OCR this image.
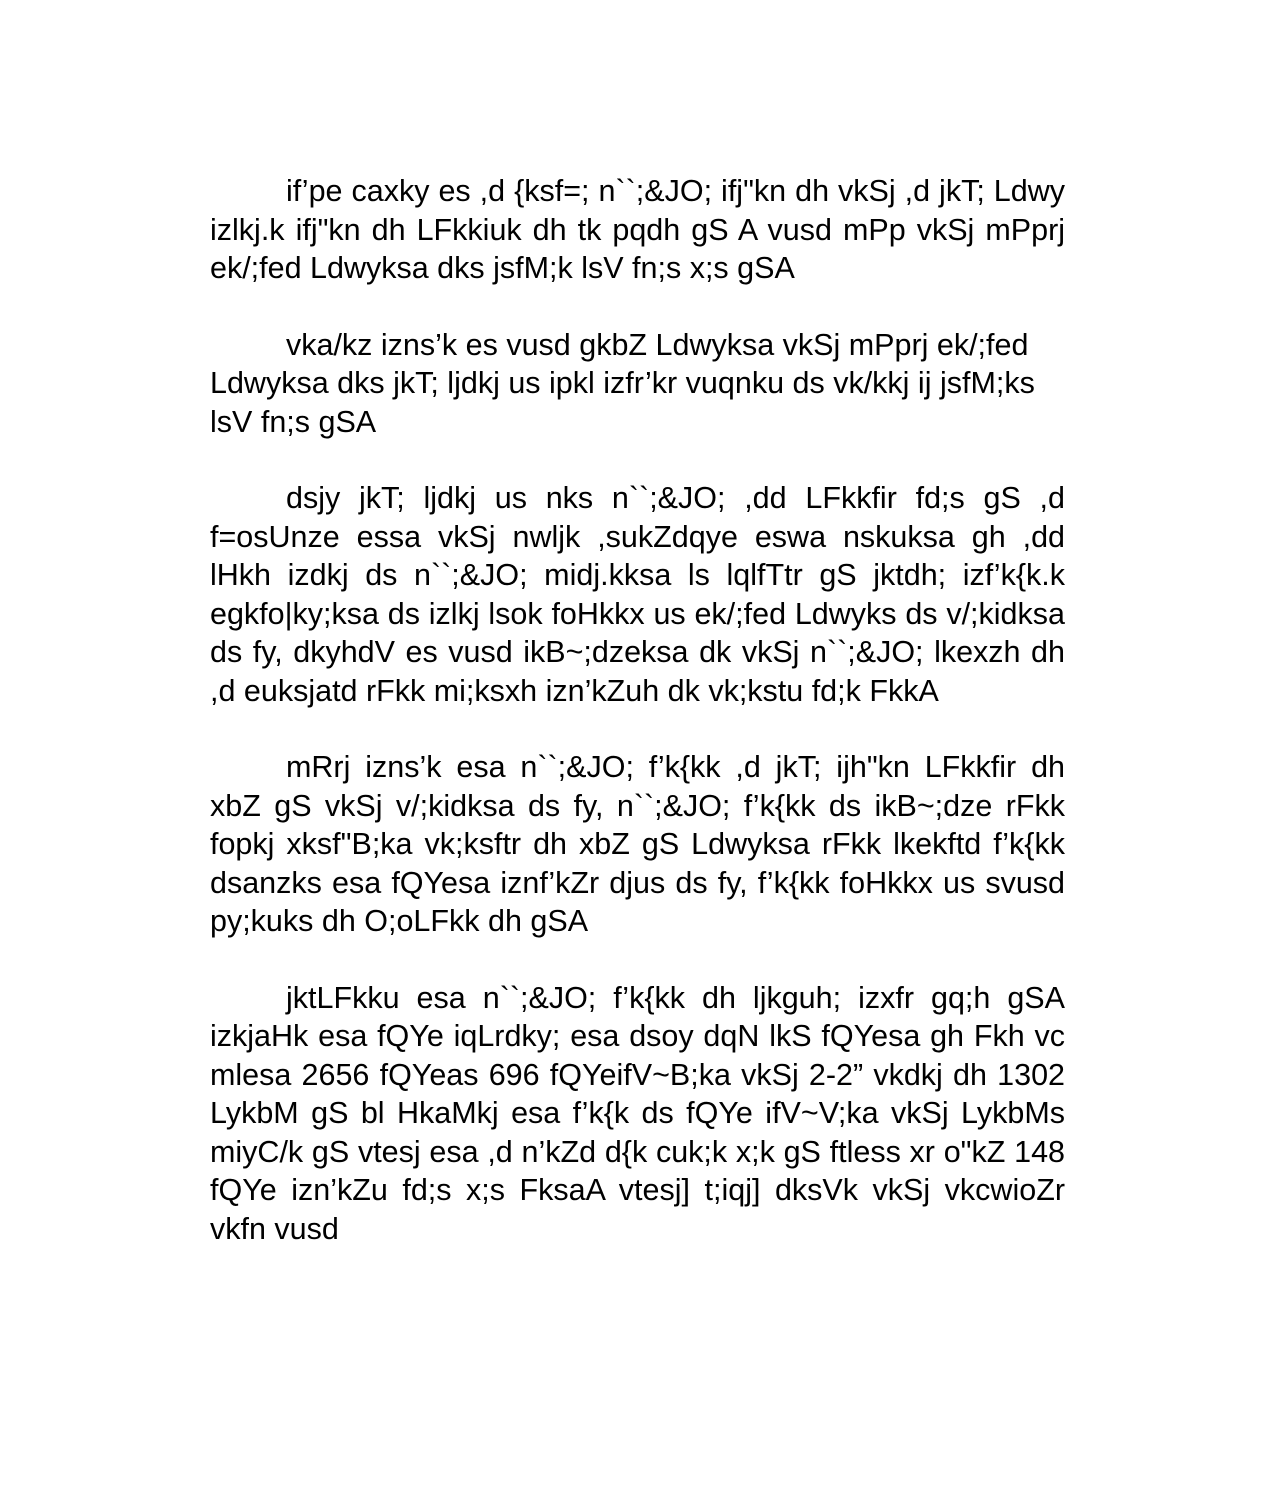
if’pe caxky es ,d {ksf=; n``;&JO; ifj"kn dh vkSj ,d jkT; Ldwy izlkj.k ifj"kn dh LFkkiuk dh tk pqdh gS A vusd mPp vkSj mPprj ek/;fed Ldwyksa dks jsfM;k lsV fn;s x;s gSA

vka/kz izns’k es vusd gkbZ Ldwyksa vkSj mPprj ek/;fed Ldwyksa dks jkT; ljdkj us ipkl izfr’kr vuqnku ds vk/kkj ij jsfM;ks lsV fn;s gSA

dsjy jkT; ljdkj us nks n``;&JO; ,dd LFkkfir fd;s gS ,d f=osUnze essa vkSj nwljk ,sukZdqye eswa nskuksa gh ,dd lHkh izdkj ds n``;&JO; midj.kksa ls lqlfTtr gS jktdh; izf’k{k.k egkfo|ky;ksa ds izlkj lsok foHkkx us ek/;fed Ldwyks ds v/;kidksa ds fy, dkyhdV es vusd ikB~;dzeksa dk vkSj n``;&JO; lkexzh dh ,d euksjatd rFkk mi;ksxh izn’kZuh dk vk;kstu fd;k FkkA

mRrj izns’k esa n``;&JO; f’k{kk ,d jkT; ijh"kn LFkkfir dh xbZ gS vkSj v/;kidksa ds fy, n``;&JO; f’k{kk ds ikB~;dze rFkk fopkj xksf"B;ka vk;ksftr dh xbZ gS Ldwyksa rFkk lkekftd f’k{kk dsanzks esa fQYesa iznf’kZr djus ds fy, f’k{kk foHkkx us svusd py;kuks dh O;oLFkk dh gSA

jktLFkku esa n``;&JO; f’k{kk dh ljkguh; izxfr gq;h gSA izkjaHk esa fQYe iqLrdky; esa dsoy dqN lkS fQYesa gh Fkh vc mlesa 2656 fQYeas 696 fQYeifV~B;ka vkSj 2-2” vkdkj dh 1302 LykbM gS bl HkaMkj esa f’k{k ds fQYe ifV~V;ka vkSj LykbMs miyC/k gS vtesj esa ,d n’kZd d{k cuk;k x;k gS ftless xr o"kZ 148 fQYe izn’kZu fd;s x;s FksaA vtesj] t;iqj] dksVk vkSj vkcwioZr vkfn vusd
